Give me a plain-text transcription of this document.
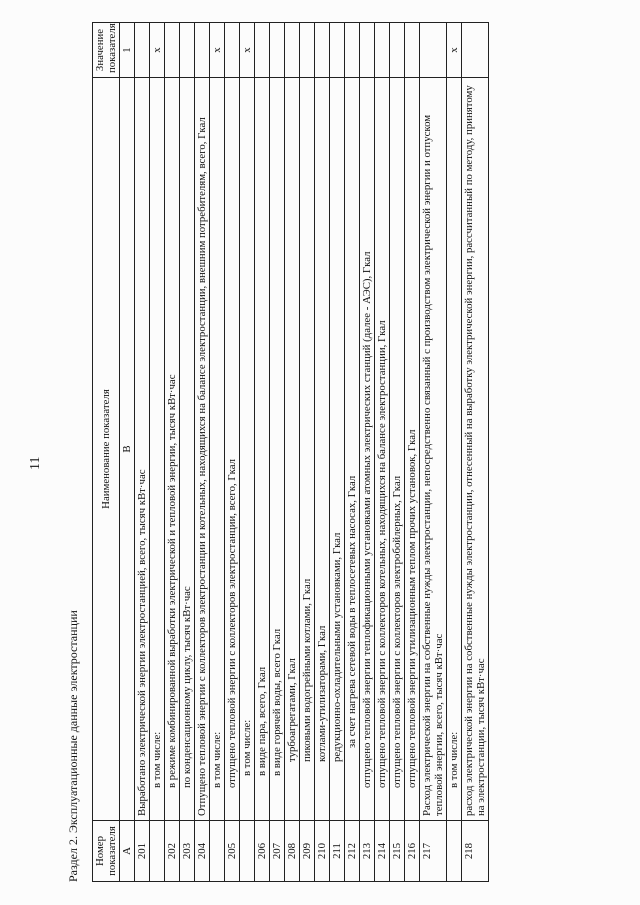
11
Раздел 2. Эксплуатационные данные электростанции Номер показателя	Наименование показателя	Значение показателя
А	В	1
201	Выработано электрической энергии электростанцией, всего, тысяч кВт·час	
	в том числе:	х
202	в режиме комбинированной выработки электрической и тепловой энергии, тысяч кВт·час	
203	по конденсационному циклу, тысяч кВт·час	
204	Отпущено тепловой энергии с коллекторов электростанции и котельных, находящихся на балансе электростанции, внешним потребителям, всего, Гкал	
	в том числе:	х
205	отпущено тепловой энергии с коллекторов электростанции, всего, Гкал	
	в том числе:	х
206	в виде пара, всего, Гкал	
207	в виде горячей воды, всего Гкал	
208	турбоагрегатами, Гкал	
209	пиковыми водогрейными котлами, Гкал	
210	котлами-утилизаторами, Гкал	
211	редукционно-охладительными установками, Гкал	
212	за счет нагрева сетевой воды в теплосетевых насосах, Гкал	
213	отпущено тепловой энергии теплофикационными установками атомных электрических станций (далее - АЭС), Гкал	
214	отпущено тепловой энергии с коллекторов котельных, находящихся на балансе электростанции, Гкал	
215	отпущено тепловой энергии с коллекторов электробойлерных, Гкал	
216	отпущено тепловой энергии утилизационным теплом прочих установок, Гкал	
217	Расход электрической энергии на собственные нужды электростанции, непосредственно связанный с производством электрической энергии и отпуском тепловой энергии, всего, тысяч кВт·час	
	в том числе:	х
218	расход электрической энергии на собственные нужды электростанции, отнесенный на выработку электрической энергии, рассчитанный по методу, принятому на электростанции, тысяч кВт·час	
